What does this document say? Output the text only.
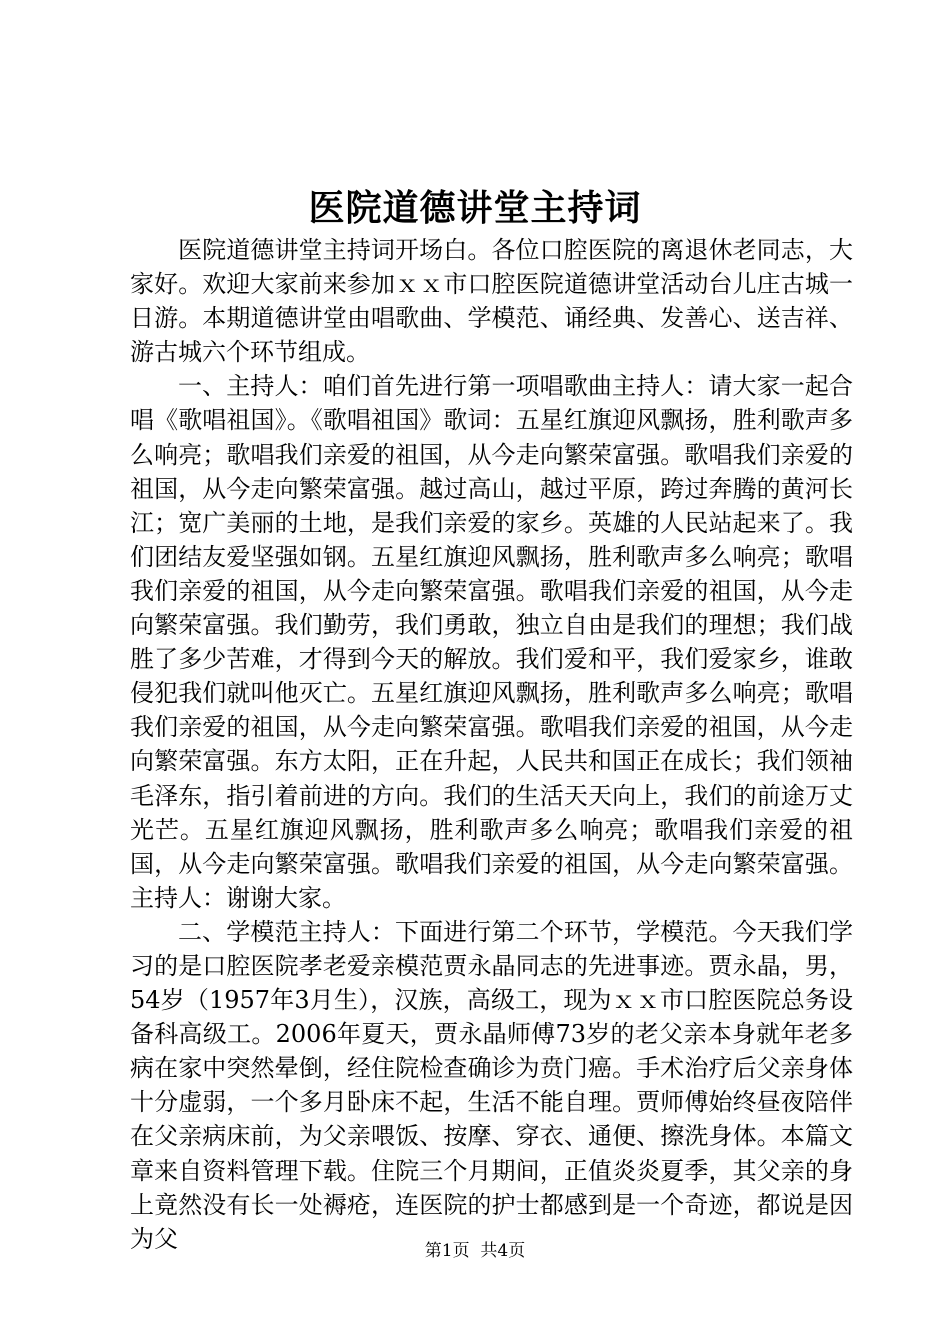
医院道德讲堂主持词

医院道德讲堂主持词开场白。各位口腔医院的离退休老同志，大家好。欢迎大家前来参加ｘｘ市口腔医院道德讲堂活动台儿庄古城一日游。本期道德讲堂由唱歌曲、学模范、诵经典、发善心、送吉祥、游古城六个环节组成。

一、主持人：咱们首先进行第一项唱歌曲主持人：请大家一起合唱《歌唱祖国》。《歌唱祖国》歌词：五星红旗迎风飘扬，胜利歌声多么响亮；歌唱我们亲爱的祖国，从今走向繁荣富强。歌唱我们亲爱的祖国，从今走向繁荣富强。越过高山，越过平原，跨过奔腾的黄河长江；宽广美丽的土地，是我们亲爱的家乡。英雄的人民站起来了。我们团结友爱坚强如钢。五星红旗迎风飘扬，胜利歌声多么响亮；歌唱我们亲爱的祖国，从今走向繁荣富强。歌唱我们亲爱的祖国，从今走向繁荣富强。我们勤劳，我们勇敢，独立自由是我们的理想；我们战胜了多少苦难，才得到今天的解放。我们爱和平，我们爱家乡，谁敢侵犯我们就叫他灭亡。五星红旗迎风飘扬，胜利歌声多么响亮；歌唱我们亲爱的祖国，从今走向繁荣富强。歌唱我们亲爱的祖国，从今走向繁荣富强。东方太阳，正在升起，人民共和国正在成长；我们领袖毛泽东，指引着前进的方向。我们的生活天天向上，我们的前途万丈光芒。五星红旗迎风飘扬，胜利歌声多么响亮；歌唱我们亲爱的祖国，从今走向繁荣富强。歌唱我们亲爱的祖国，从今走向繁荣富强。主持人：谢谢大家。

二、学模范主持人：下面进行第二个环节，学模范。今天我们学习的是口腔医院孝老爱亲模范贾永晶同志的先进事迹。贾永晶，男，54岁（1957年3月生），汉族，高级工，现为ｘｘ市口腔医院总务设备科高级工。2006年夏天，贾永晶师傅73岁的老父亲本身就年老多病在家中突然晕倒，经住院检查确诊为贲门癌。手术治疗后父亲身体十分虚弱，一个多月卧床不起，生活不能自理。贾师傅始终昼夜陪伴在父亲病床前，为父亲喂饭、按摩、穿衣、通便、擦洗身体。本篇文章来自资料管理下载。住院三个月期间，正值炎炎夏季，其父亲的身上竟然没有长一处褥疮，连医院的护士都感到是一个奇迹，都说是因为父	第1页 共4页
